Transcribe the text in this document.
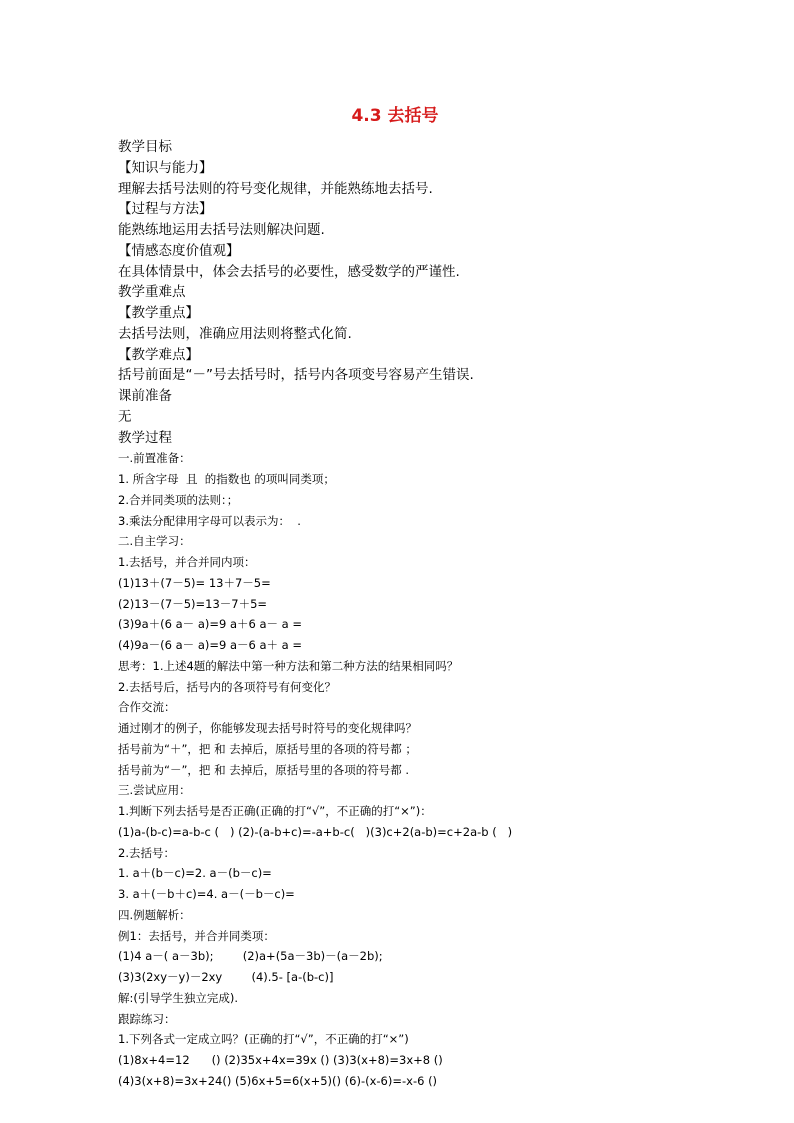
4.3 去括号
教学目标
【知识与能力】
理解去括号法则的符号变化规律，并能熟练地去括号.
【过程与方法】
能熟练地运用去括号法则解决问题.
【情感态度价值观】
在具体情景中，体会去括号的必要性，感受数学的严谨性.
教学重难点
【教学重点】
去括号法则，准确应用法则将整式化简.
【教学难点】
括号前面是“－”号去括号时，括号内各项变号容易产生错误.
课前准备
无
教学过程
一.前置准备：
1. 所含字母  且  的指数也 的项叫同类项；
2.合并同类项的法则：；
3.乘法分配律用字母可以表示为：  .
二.自主学习：
1.去括号，并合并同内项：
(1)13＋(7－5)= 13＋7－5=
(2)13－(7－5)=13－7＋5=
(3)9a＋(6 a－ a)=9 a＋6 a－ a =
(4)9a－(6 a－ a)=9 a－6 a＋ a =
思考：1.上述4题的解法中第一种方法和第二种方法的结果相同吗？
2.去括号后，括号内的各项符号有何变化？
合作交流：
通过刚才的例子，你能够发现去括号时符号的变化规律吗？
括号前为“＋”，把 和 去掉后，原括号里的各项的符号都 ；
括号前为“－”，把 和 去掉后，原括号里的各项的符号都 .
三.尝试应用：
1.判断下列去括号是否正确(正确的打“√”，不正确的打“×”)：
(1)a-(b-c)=a-b-c (   ) (2)-(a-b+c)=-a+b-c(   )(3)c+2(a-b)=c+2a-b (   )
2.去括号：
1. a＋(b－c)=2. a－(b－c)=
3. a＋(－b＋c)=4. a－(－b－c)=
四.例题解析：
例1：去括号，并合并同类项：
(1)4 a－( a－3b);        (2)a+(5a－3b)－(a－2b);
(3)3(2xy－y)－2xy        (4).5- [a-(b-c)]
解:(引导学生独立完成).
跟踪练习：
1.下列各式一定成立吗？(正确的打“√”，不正确的打“×”)
(1)8x+4=12      () (2)35x+4x=39x () (3)3(x+8)=3x+8 ()
(4)3(x+8)=3x+24() (5)6x+5=6(x+5)() (6)-(x-6)=-x-6 ()
